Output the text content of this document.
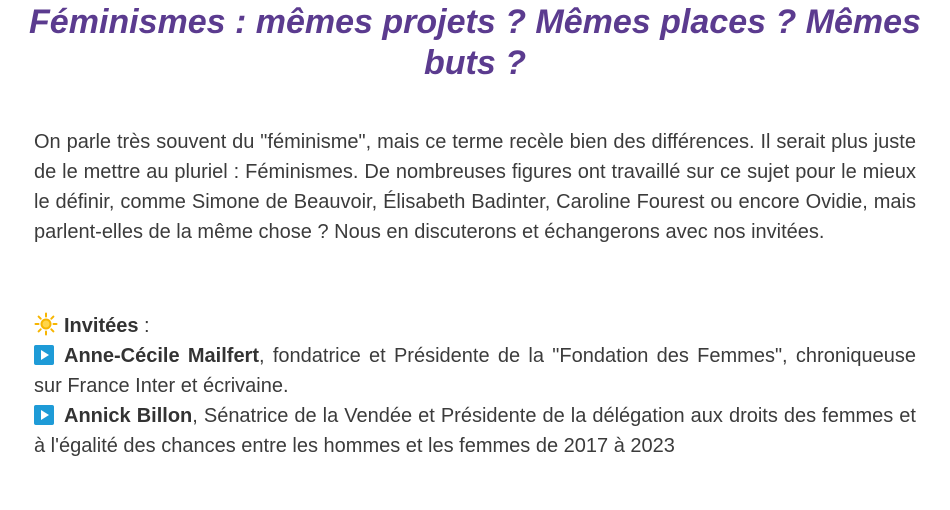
Féminismes : mêmes projets ? Mêmes places ? Mêmes buts ?

On parle très souvent du "féminisme", mais ce terme recèle bien des différences. Il serait plus juste de le mettre au pluriel : Féminismes. De nombreuses figures ont travaillé sur ce sujet pour le mieux le définir, comme Simone de Beauvoir, Élisabeth Badinter, Caroline Fourest ou encore Ovidie, mais parlent-elles de la même chose ? Nous en discuterons et échangerons avec nos invitées.

Invitées :

Anne-Cécile Mailfert, fondatrice et Présidente de la "Fondation des Femmes", chroniqueuse sur France Inter et écrivaine.

Annick Billon, Sénatrice de la Vendée et Présidente de la délégation aux droits des femmes et à l'égalité des chances entre les hommes et les femmes de 2017 à 2023
